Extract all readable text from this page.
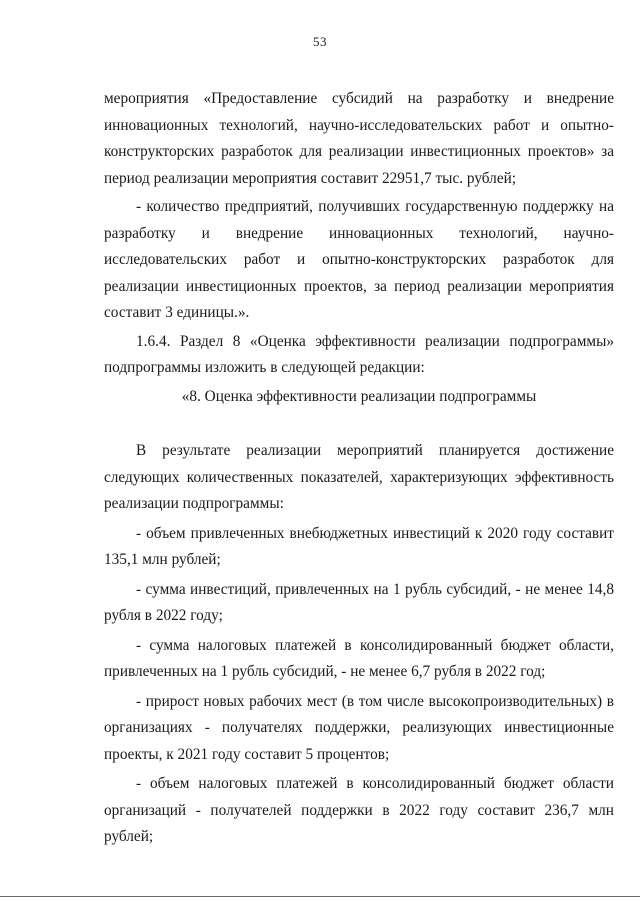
53

мероприятия «Предоставление субсидий на разработку и внедрение инновационных технологий, научно-исследовательских работ и опытно-конструкторских разработок для реализации инвестиционных проектов» за период реализации мероприятия составит 22951,7 тыс. рублей;

- количество предприятий, получивших государственную поддержку на разработку и внедрение инновационных технологий, научно-исследовательских работ и опытно-конструкторских разработок для реализации инвестиционных проектов, за период реализации мероприятия составит 3 единицы.».

1.6.4. Раздел 8 «Оценка эффективности реализации подпрограммы» подпрограммы изложить в следующей редакции:

«8. Оценка эффективности реализации подпрограммы

В результате реализации мероприятий планируется достижение следующих количественных показателей, характеризующих эффективность реализации подпрограммы:

- объем привлеченных внебюджетных инвестиций к 2020 году составит 135,1 млн рублей;

- сумма инвестиций, привлеченных на 1 рубль субсидий, - не менее 14,8 рубля в 2022 году;

- сумма налоговых платежей в консолидированный бюджет области, привлеченных на 1 рубль субсидий, - не менее 6,7 рубля в 2022 год;

- прирост новых рабочих мест (в том числе высокопроизводительных) в организациях - получателях поддержки, реализующих инвестиционные проекты, к 2021 году составит 5 процентов;

- объем налоговых платежей в консолидированный бюджет области организаций - получателей поддержки в 2022 году составит 236,7 млн рублей;
